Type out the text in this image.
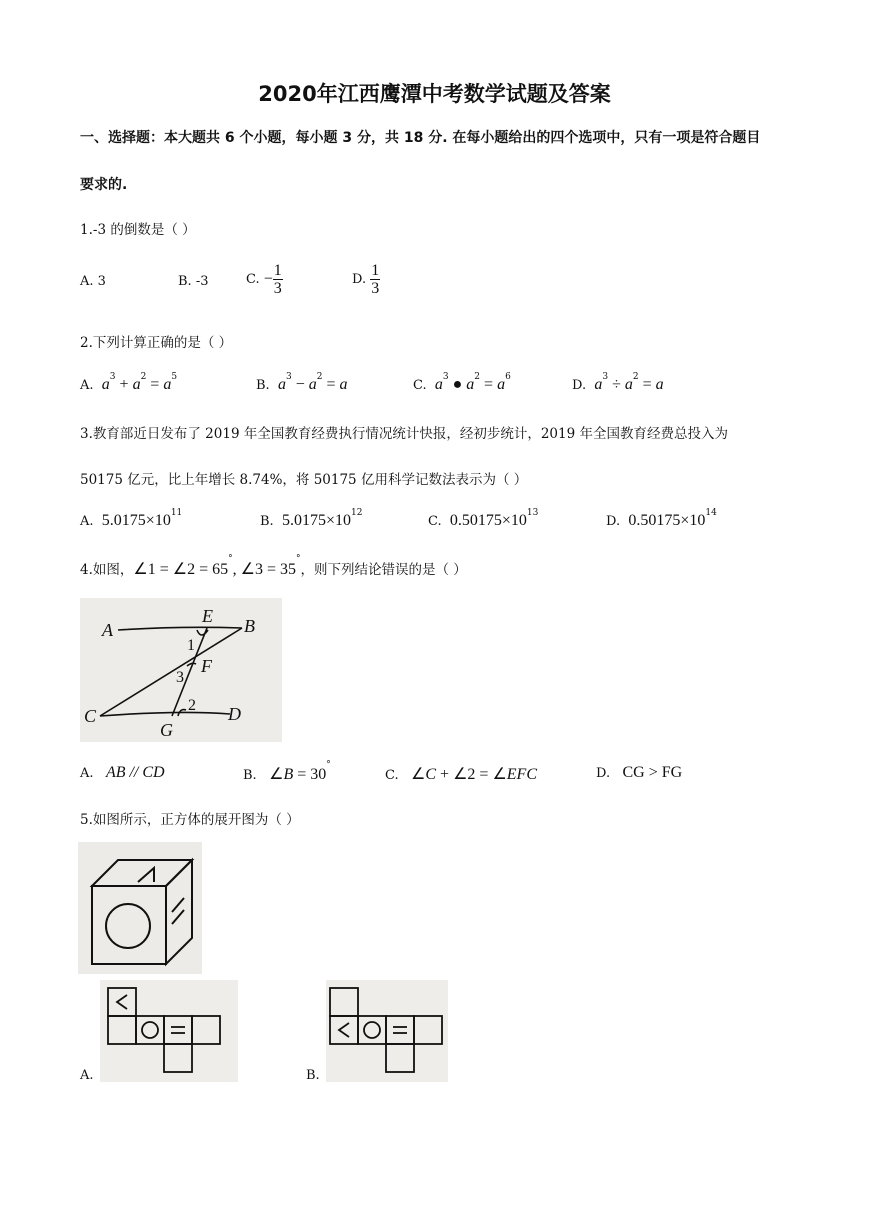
2020年江西鹰潭中考数学试题及答案
一、选择题：本大题共 6 个小题，每小题 3 分，共 18 分. 在每小题给出的四个选项中，只有一项是符合题目
要求的.
1.-3 的倒数是（ ）
A. 3	B. -3	C. − $\frac{1}{3}$	D. $\frac{1}{3}$
2.下列计算正确的是（ ）
A. $a^3 + a^2 = a^5$
B. $a^3 - a^2 = a$	C. $a^3$ ● $a^2 = a^6$
D. $a^3 \div a^2 = a$
3.教育部近日发布了 2019 年全国教育经费执行情况统计快报，经初步统计，2019 年全国教育经费总投入为
50175 亿元，比上年增长 8.74%，将 50175 亿用科学记数法表示为（ ）
A. $5.0175\times 10^{11}$
B. $5.0175\times 10^{12}$
C. $0.50175\times 10^{13}$
D. $0.50175\times 10^{14}$
4.如图，∠1 = ∠2 = 65°, ∠3 = 35°，则下列结论错误的是（ ）
A	B
E
F
C	D
G
1
3
2
A. AB // CD	B. ∠B = 30°
C. ∠C + ∠2 = ∠EFC	D. CG > FG
5.如图所示，正方体的展开图为（ ）
A.	B.
